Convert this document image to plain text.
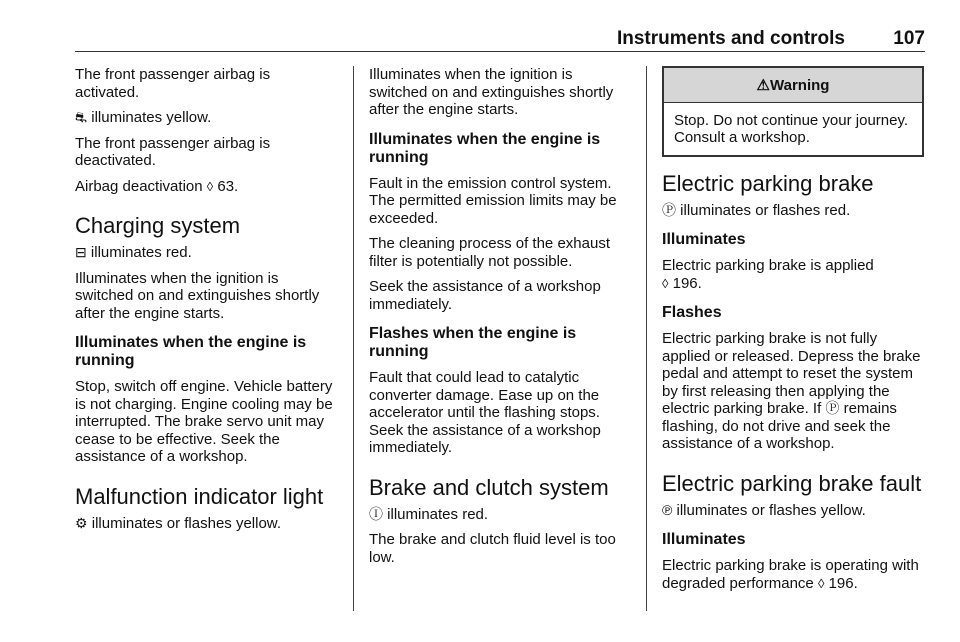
Instruments and controls	107

The front passenger airbag is activated.

⛐ illuminates yellow.

The front passenger airbag is deactivated.

Airbag deactivation ◊ 63.

Charging system

⊟ illuminates red.

Illuminates when the ignition is switched on and extinguishes shortly after the engine starts.

Illuminates when the engine is running

Stop, switch off engine. Vehicle battery is not charging. Engine cooling may be interrupted. The brake servo unit may cease to be effective. Seek the assistance of a workshop.

Malfunction indicator light

⚙ illuminates or flashes yellow.

Illuminates when the ignition is switched on and extinguishes shortly after the engine starts.

Illuminates when the engine is running

Fault in the emission control system. The permitted emission limits may be exceeded.

The cleaning process of the exhaust filter is potentially not possible.

Seek the assistance of a workshop immediately.

Flashes when the engine is running

Fault that could lead to catalytic converter damage. Ease up on the accelerator until the flashing stops. Seek the assistance of a workshop immediately.

Brake and clutch system

Ⓘ illuminates red.

The brake and clutch fluid level is too low.

⚠Warning

Stop. Do not continue your journey. Consult a workshop.

Electric parking brake

Ⓟ illuminates or flashes red.

Illuminates

Electric parking brake is applied
◊ 196.

Flashes

Electric parking brake is not fully applied or released. Depress the brake pedal and attempt to reset the system by first releasing then applying the electric parking brake. If Ⓟ remains flashing, do not drive and seek the assistance of a workshop.

Electric parking brake fault

℗ illuminates or flashes yellow.

Illuminates

Electric parking brake is operating with degraded performance ◊ 196.
